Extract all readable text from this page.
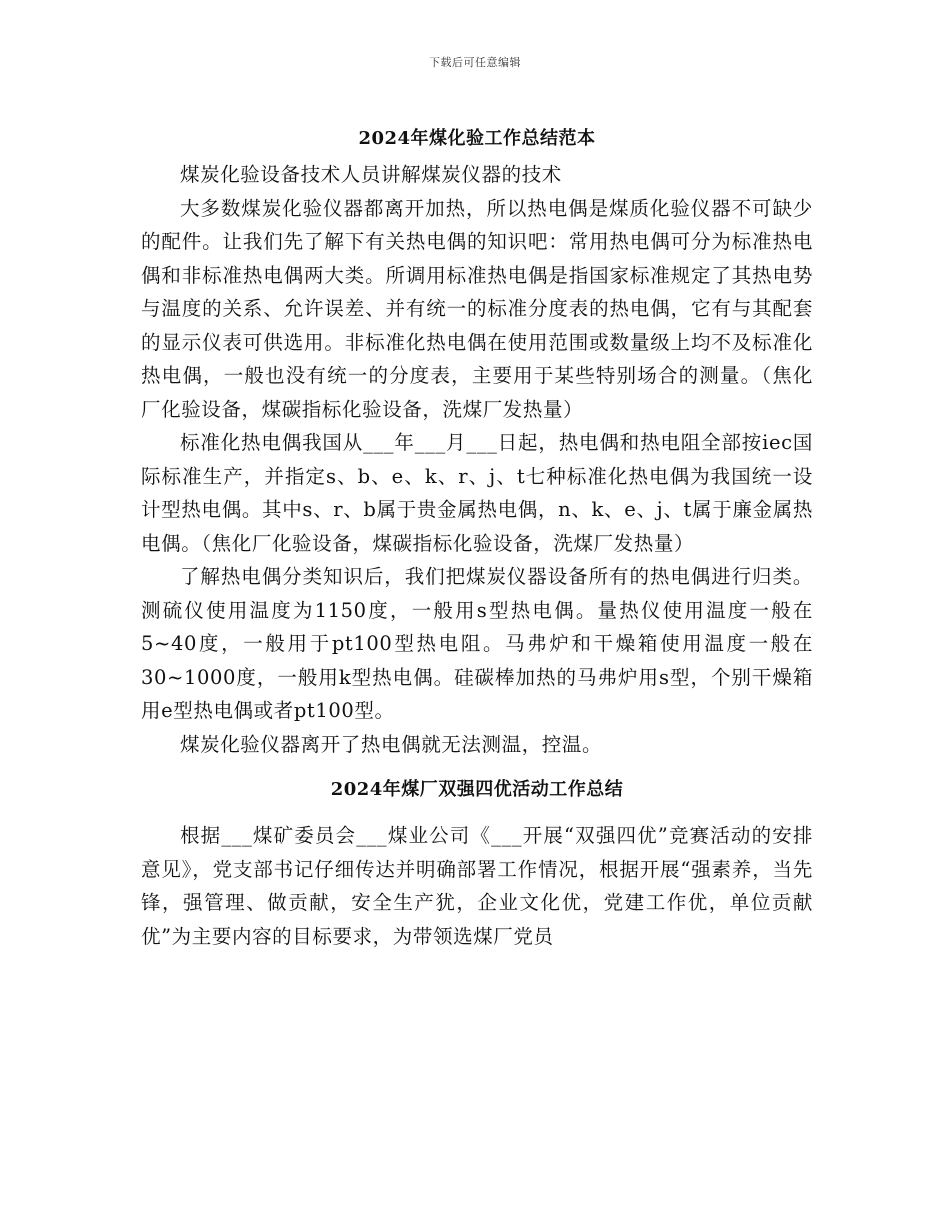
下载后可任意编辑
2024年煤化验工作总结范本

煤炭化验设备技术人员讲解煤炭仪器的技术

大多数煤炭化验仪器都离开加热，所以热电偶是煤质化验仪器不可缺少的配件。让我们先了解下有关热电偶的知识吧：常用热电偶可分为标准热电偶和非标准热电偶两大类。所调用标准热电偶是指国家标准规定了其热电势与温度的关系、允许误差、并有统一的标准分度表的热电偶，它有与其配套的显示仪表可供选用。非标准化热电偶在使用范围或数量级上均不及标准化热电偶，一般也没有统一的分度表，主要用于某些特别场合的测量。（焦化厂化验设备，煤碳指标化验设备，洗煤厂发热量）

标准化热电偶我国从___年___月___日起，热电偶和热电阻全部按iec国际标准生产，并指定s、b、e、k、r、j、t七种标准化热电偶为我国统一设计型热电偶。其中s、r、b属于贵金属热电偶，n、k、e、j、t属于廉金属热电偶。（焦化厂化验设备，煤碳指标化验设备，洗煤厂发热量）

了解热电偶分类知识后，我们把煤炭仪器设备所有的热电偶进行归类。测硫仪使用温度为1150度，一般用s型热电偶。量热仪使用温度一般在5~40度，一般用于pt100型热电阻。马弗炉和干燥箱使用温度一般在30~1000度，一般用k型热电偶。硅碳棒加热的马弗炉用s型，个别干燥箱用e型热电偶或者pt100型。

煤炭化验仪器离开了热电偶就无法测温，控温。

2024年煤厂双强四优活动工作总结

根据___煤矿委员会___煤业公司《___开展“双强四优”竞赛活动的安排意见》，党支部书记仔细传达并明确部署工作情况，根据开展“强素养，当先锋，强管理、做贡献，安全生产犹，企业文化优，党建工作优，单位贡献优”为主要内容的目标要求，为带领选煤厂党员
